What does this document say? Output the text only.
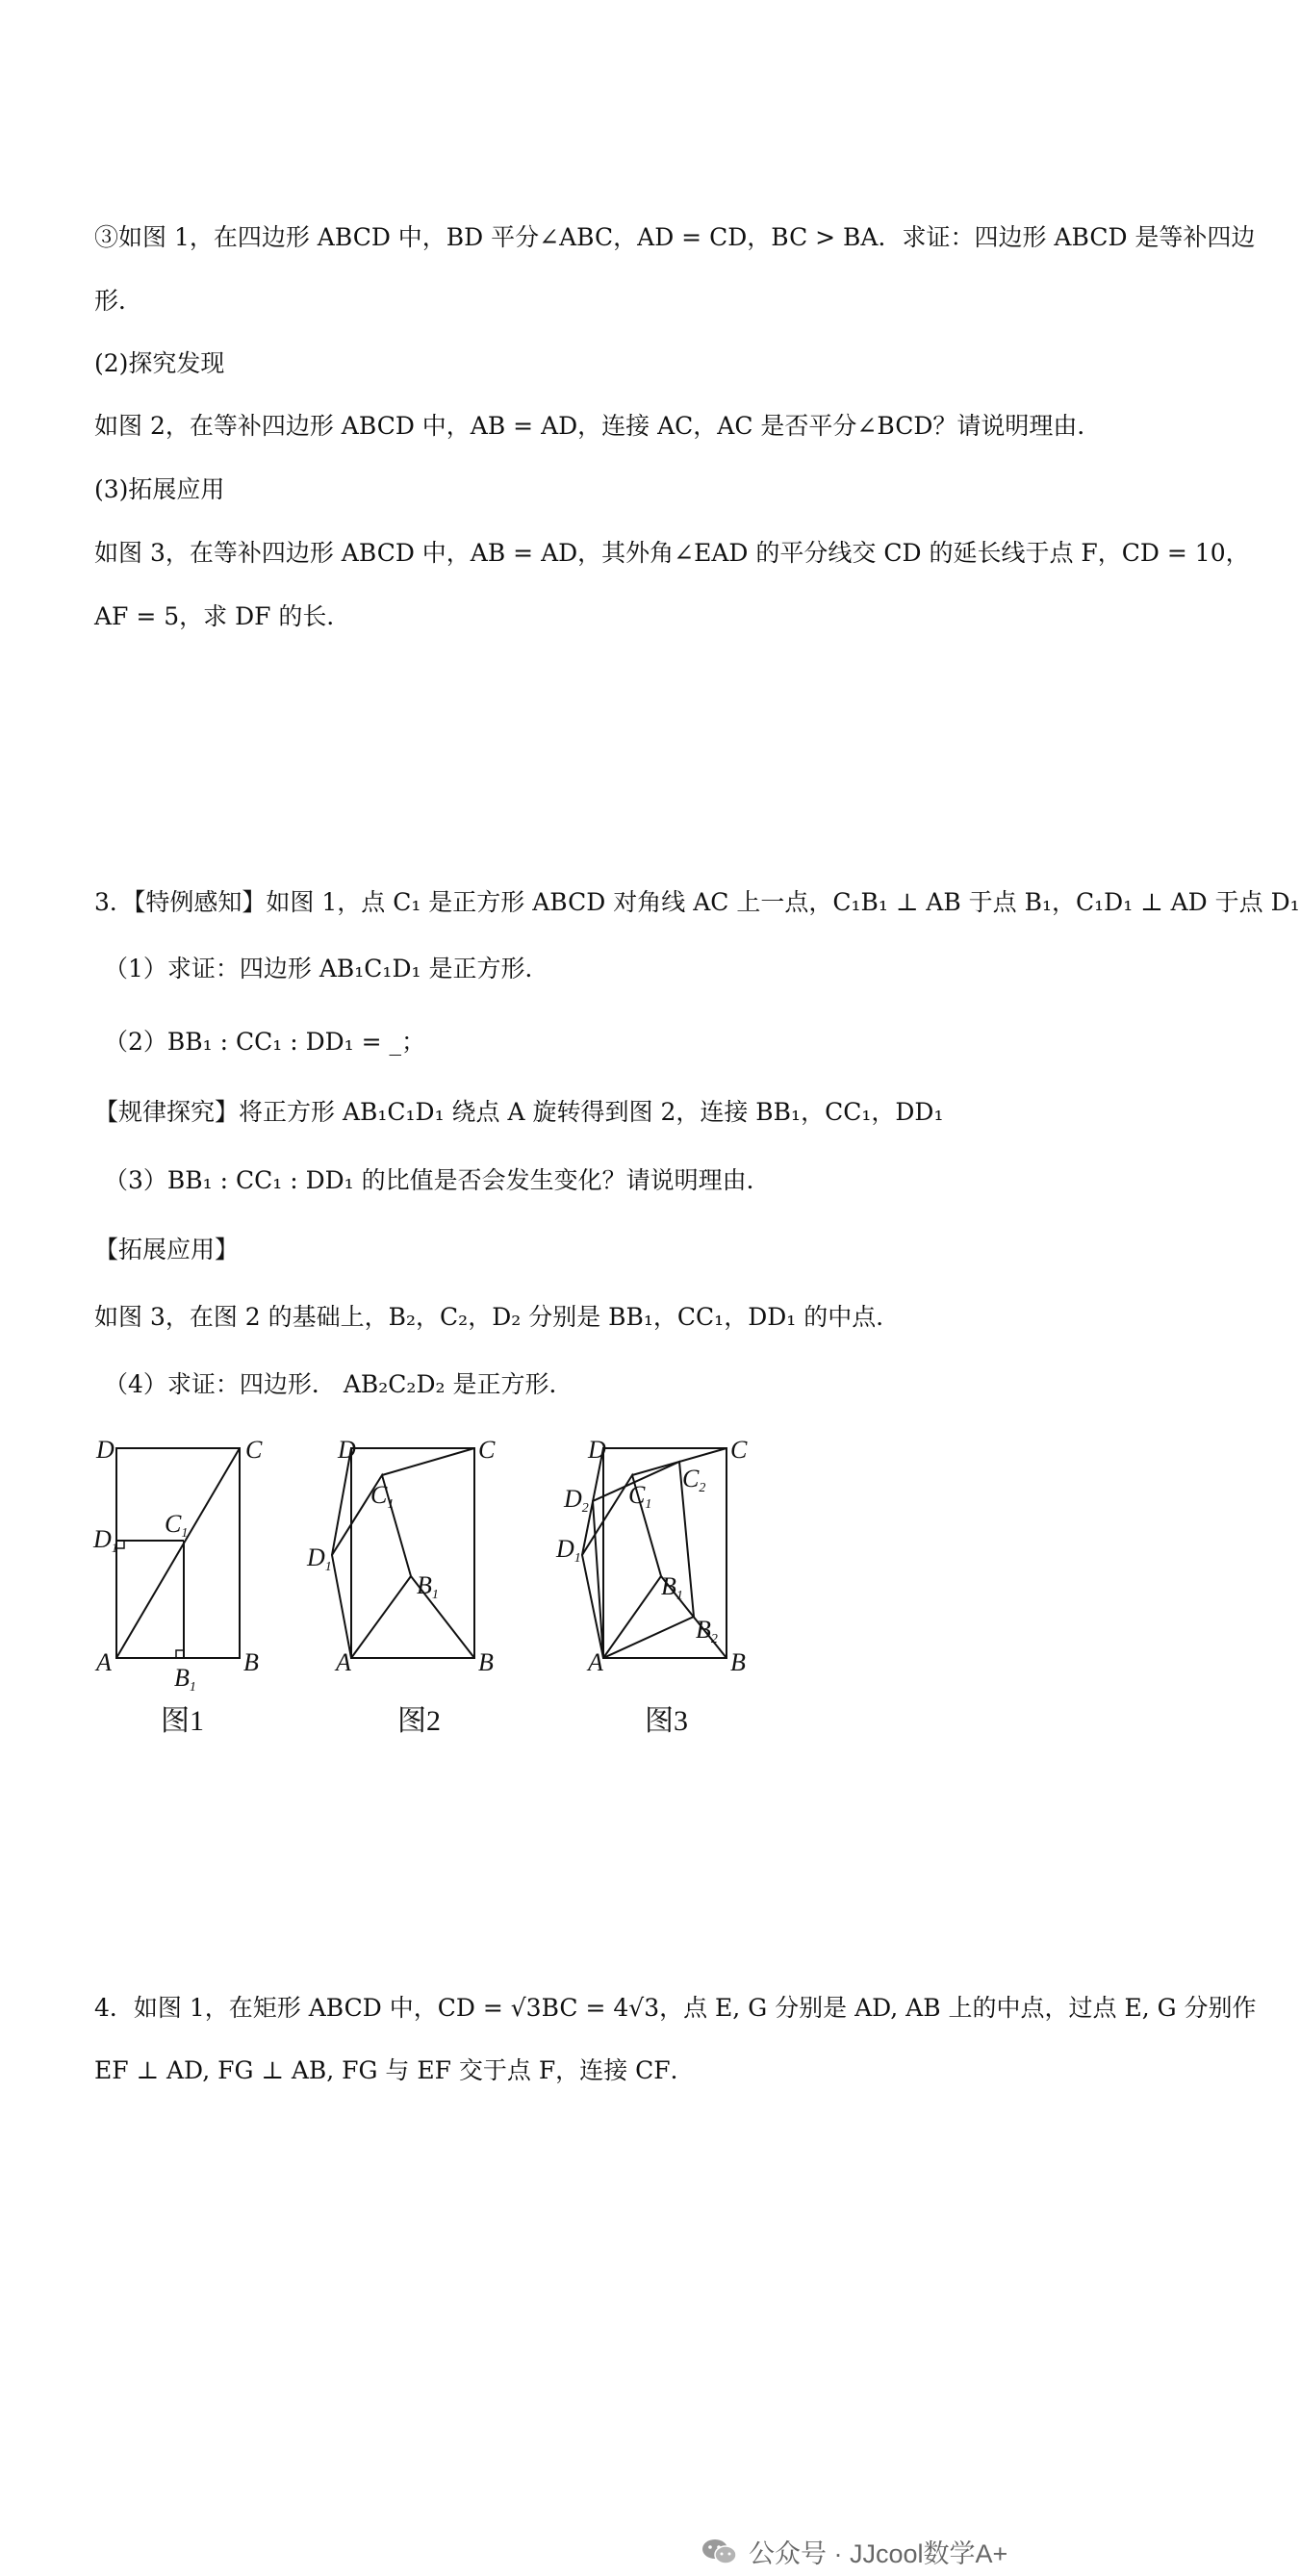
③如图 1，在四边形 ABCD 中，BD 平分∠ABC，AD = CD，BC > BA．求证：四边形 ABCD 是等补四边

形．

(2)探究发现

如图 2，在等补四边形 ABCD 中，AB = AD，连接 AC，AC 是否平分∠BCD？请说明理由．

(3)拓展应用

如图 3，在等补四边形 ABCD 中，AB = AD，其外角∠EAD 的平分线交 CD 的延长线于点 F，CD = 10，

AF = 5，求 DF 的长．

3．【特例感知】如图 1，点 C₁ 是正方形 ABCD 对角线 AC 上一点，C₁B₁ ⊥ AB 于点 B₁，C₁D₁ ⊥ AD 于点 D₁

（1）求证：四边形 AB₁C₁D₁ 是正方形．

（2）BB₁ : CC₁ : DD₁ = _；

【规律探究】将正方形 AB₁C₁D₁ 绕点 A 旋转得到图 2，连接 BB₁，CC₁，DD₁

（3）BB₁ : CC₁ : DD₁ 的比值是否会发生变化？请说明理由．

【拓展应用】

如图 3，在图 2 的基础上，B₂，C₂，D₂ 分别是 BB₁，CC₁，DD₁ 的中点．

（4）求证：四边形． AB₂C₂D₂ 是正方形．

D	C
A	B
D1
C1
B1
图1
D	C
A	B
D1
C1
B1
图2
D	C
A	B
D1
D2 C1
C2
B1
B2
图3

4．如图 1，在矩形 ABCD 中，CD = √3BC = 4√3，点 E, G 分别是 AD, AB 上的中点，过点 E, G 分别作

EF ⊥ AD, FG ⊥ AB, FG 与 EF 交于点 F，连接 CF．

公众号 · JJcool数学A+
